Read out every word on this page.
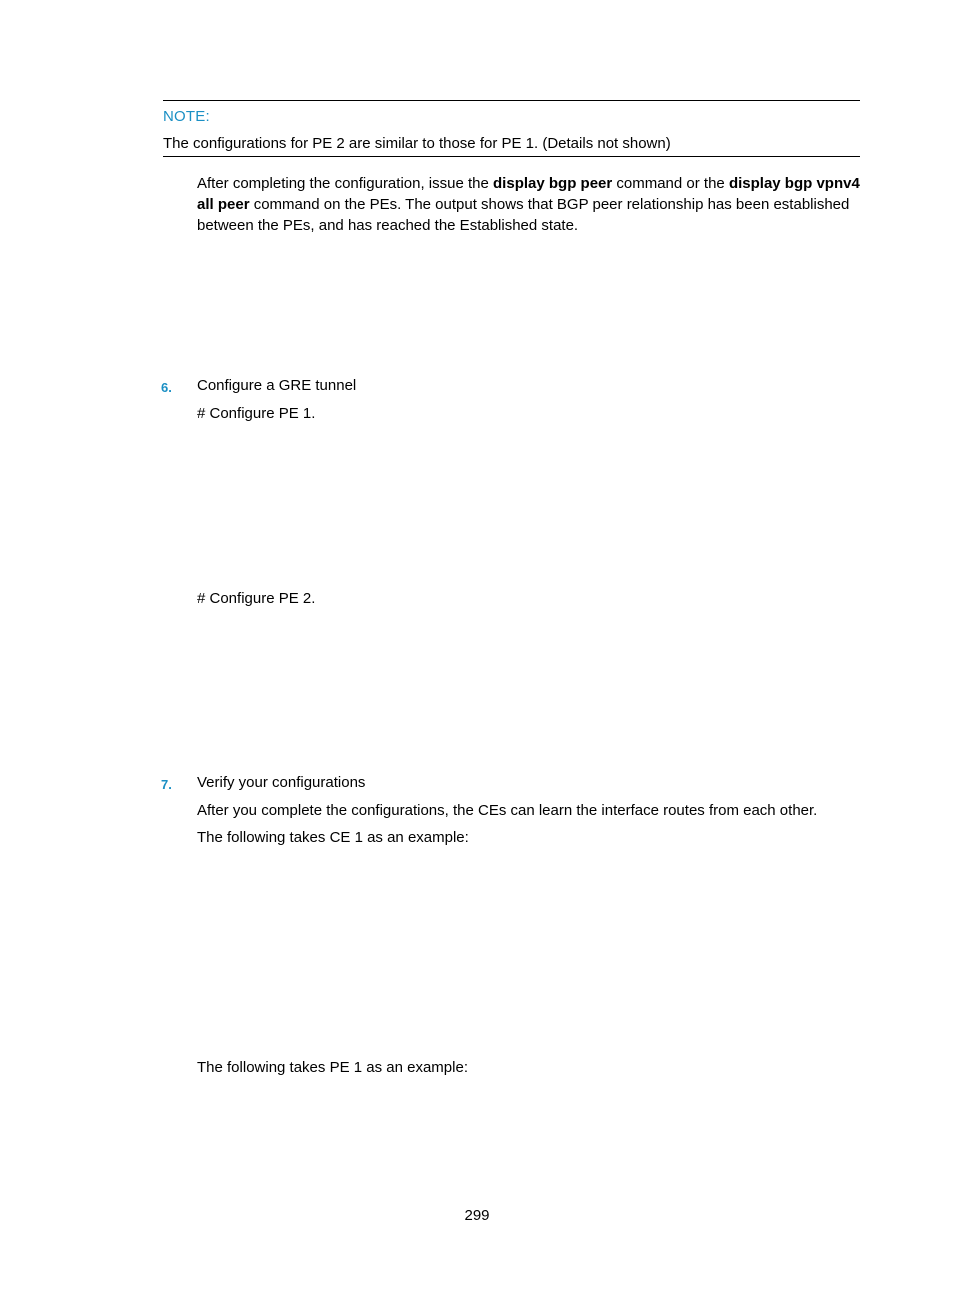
NOTE:
The configurations for PE 2 are similar to those for PE 1. (Details not shown)
After completing the configuration, issue the display bgp peer command or the display bgp vpnv4 all peer command on the PEs. The output shows that BGP peer relationship has been established between the PEs, and has reached the Established state.
6. Configure a GRE tunnel
# Configure PE 1.
# Configure PE 2.
7. Verify your configurations
After you complete the configurations, the CEs can learn the interface routes from each other.
The following takes CE 1 as an example:
The following takes PE 1 as an example:
299
